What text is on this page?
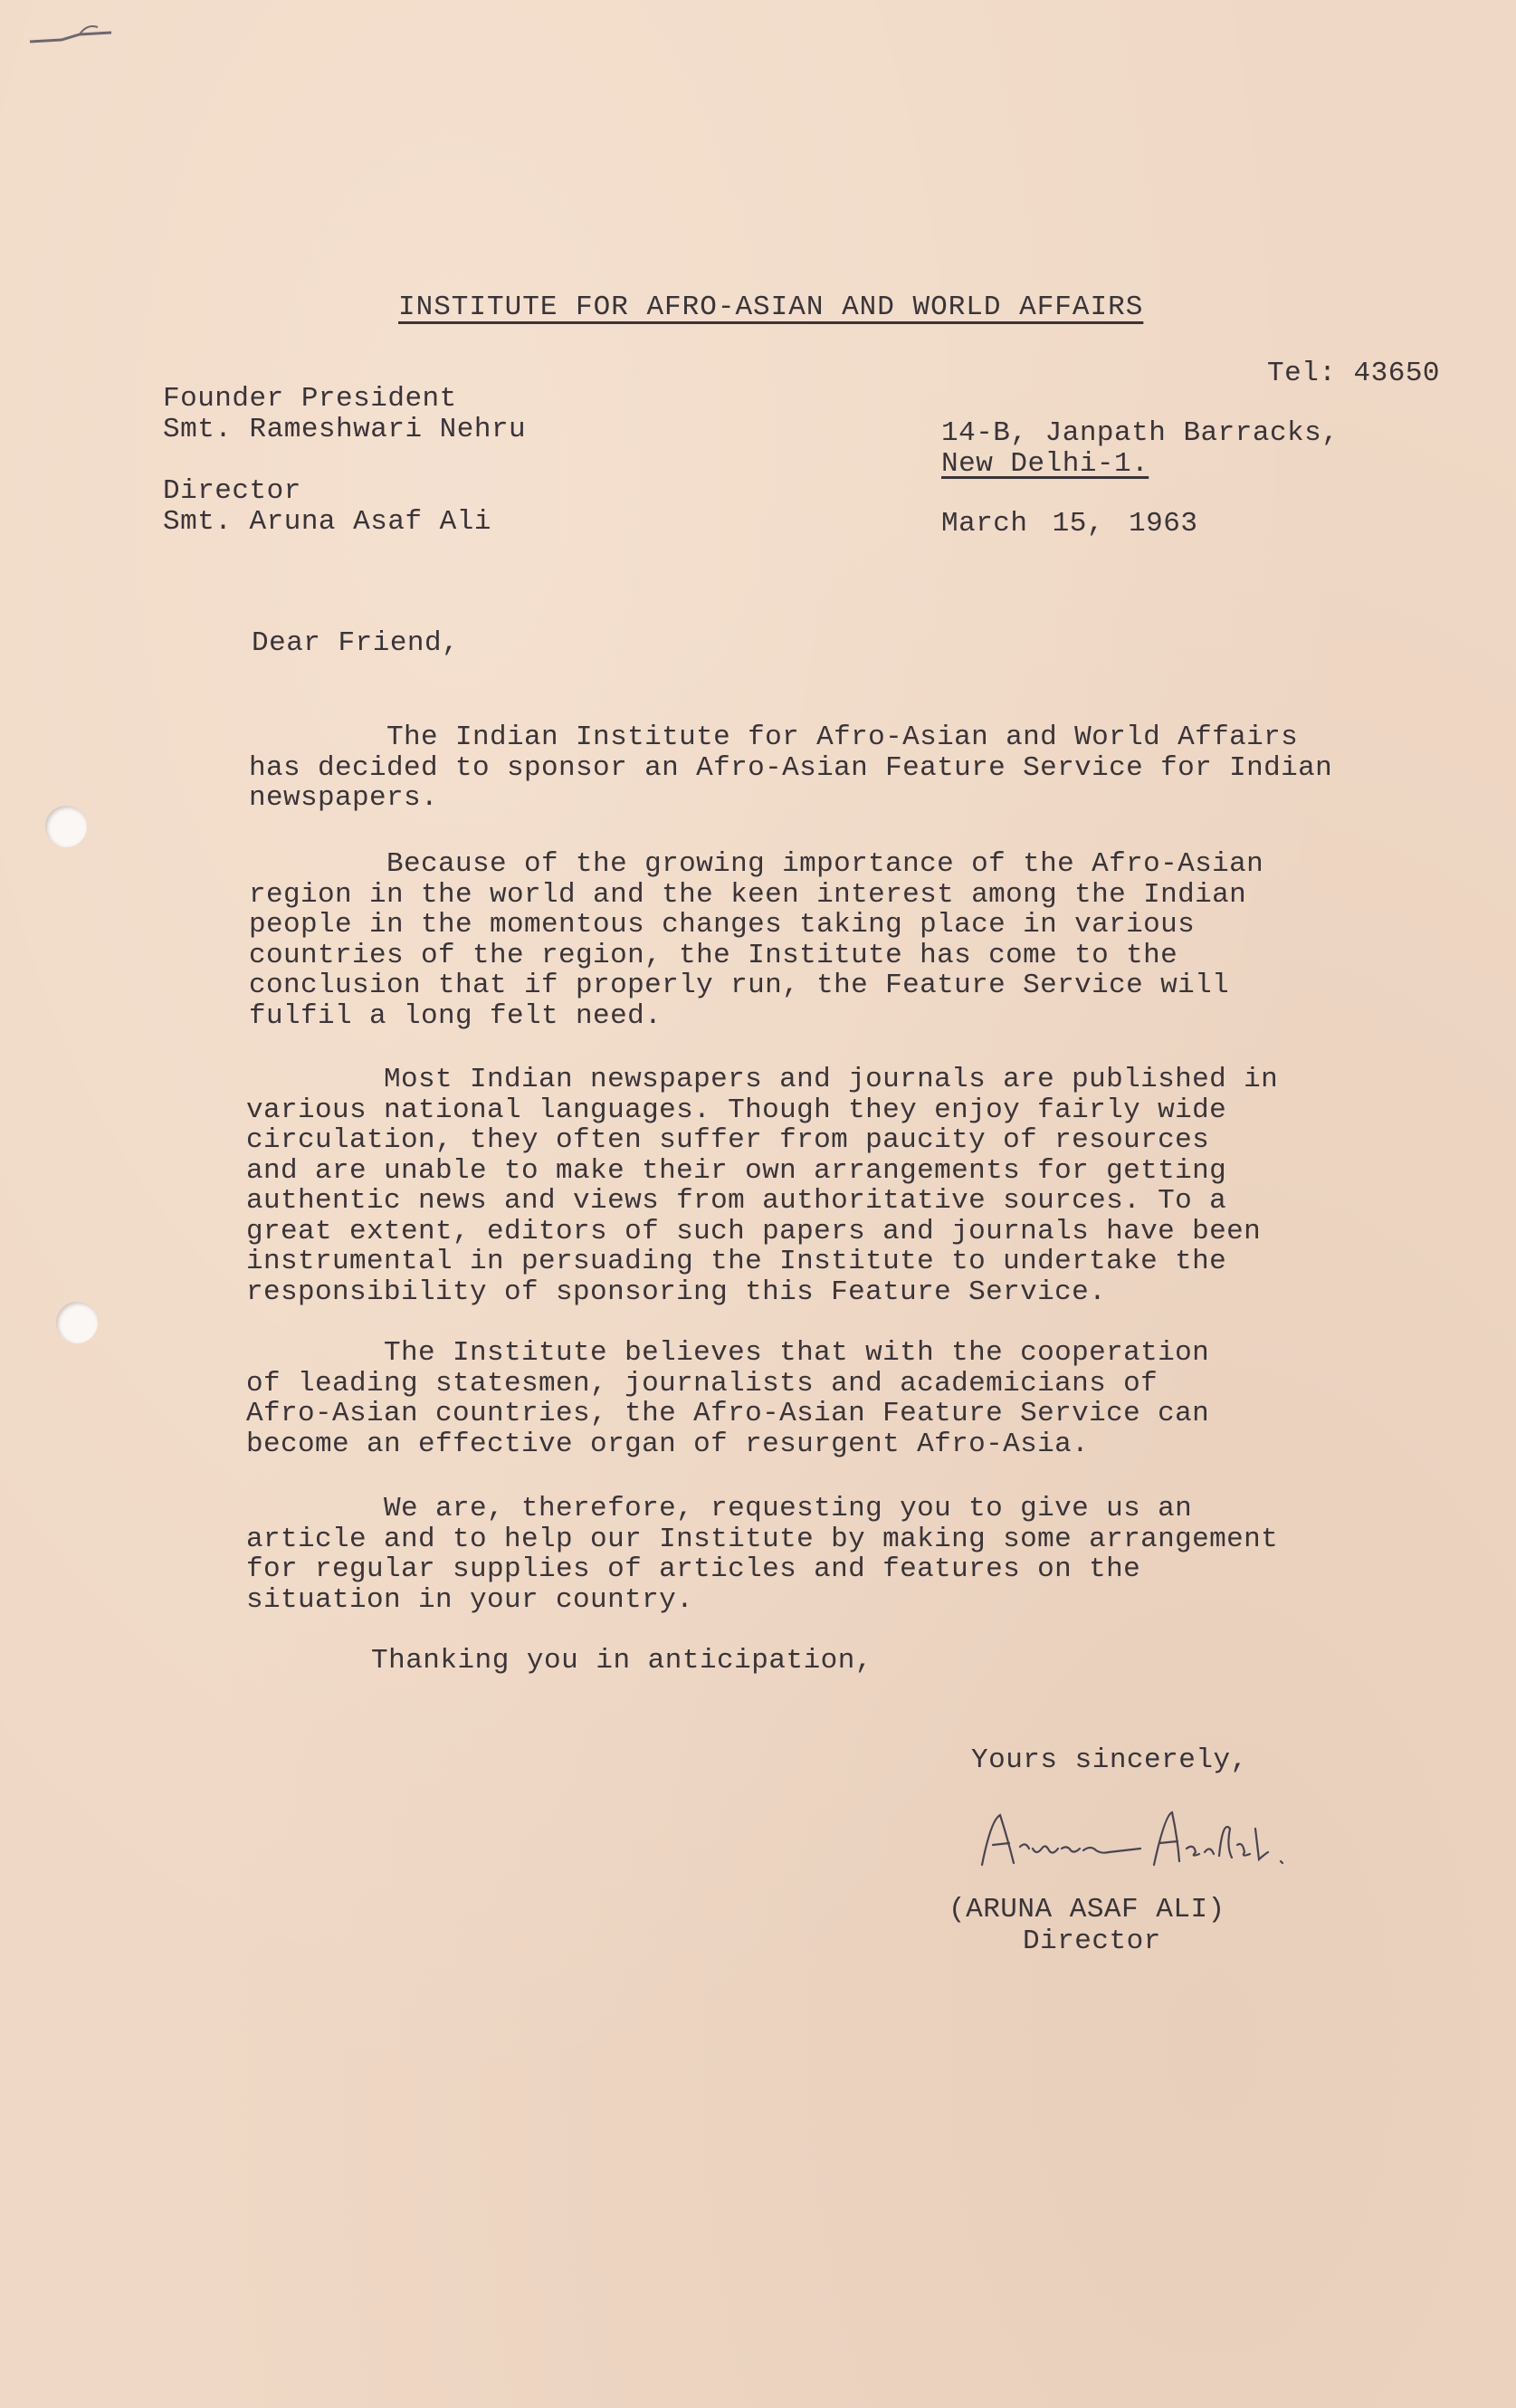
INSTITUTE FOR AFRO-ASIAN AND WORLD AFFAIRS
Tel: 43650
Founder President
Smt. Rameshwari Nehru	14-B, Janpath Barracks,
New Delhi-1.
Director
Smt. Aruna Asaf Ali	March 15, 1963
Dear Friend,
The Indian Institute for Afro-Asian and World Affairs
has decided to sponsor an Afro-Asian Feature Service for Indian
newspapers.
Because of the growing importance of the Afro-Asian
region in the world and the keen interest among the Indian
people in the momentous changes taking place in various
countries of the region, the Institute has come to the
conclusion that if properly run, the Feature Service will
fulfil a long felt need.
Most Indian newspapers and journals are published in
various national languages. Though they enjoy fairly wide
circulation, they often suffer from paucity of resources
and are unable to make their own arrangements for getting
authentic news and views from authoritative sources. To a
great extent, editors of such papers and journals have been
instrumental in persuading the Institute to undertake the
responsibility of sponsoring this Feature Service.
The Institute believes that with the cooperation
of leading statesmen, journalists and academicians of
Afro-Asian countries, the Afro-Asian Feature Service can
become an effective organ of resurgent Afro-Asia.
We are, therefore, requesting you to give us an
article and to help our Institute by making some arrangement
for regular supplies of articles and features on the
situation in your country.
Thanking you in anticipation,
Yours sincerely,
(ARUNA ASAF ALI)
Director
